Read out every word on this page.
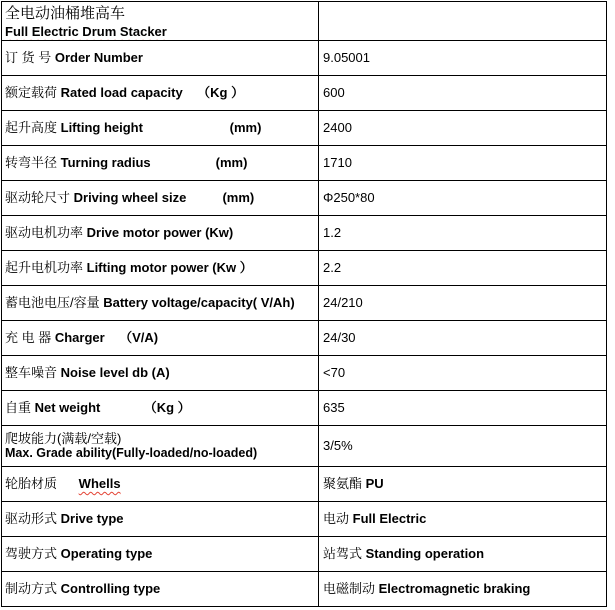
全电动油桶堆高车
Full Electric Drum Stacker

订 货 号 Order Number	9.05001
额定载荷 Rated load capacity    （Kg ）	600
起升高度 Lifting height                        (mm)	2400
转弯半径 Turning radius                  (mm)	1710
驱动轮尺寸 Driving wheel size          (mm)	Φ250*80
驱动电机功率 Drive motor power (Kw)	1.2
起升电机功率 Lifting motor power (Kw ）	2.2
蓄电池电压/容量 Battery voltage/capacity( V/Ah)	24/210
充 电 器 Charger    （V/A)	24/30
整车噪音 Noise level db (A)	<70
自重 Net weight            （Kg ）	635
爬坡能力(满载/空载)
Max. Grade ability(Fully-loaded/no-loaded)	3/5%
轮胎材质      Whells	聚氨酯 PU
驱动形式 Drive type	电动 Full Electric
驾驶方式 Operating type	站驾式 Standing operation
制动方式 Controlling type	电磁制动 Electromagnetic braking
